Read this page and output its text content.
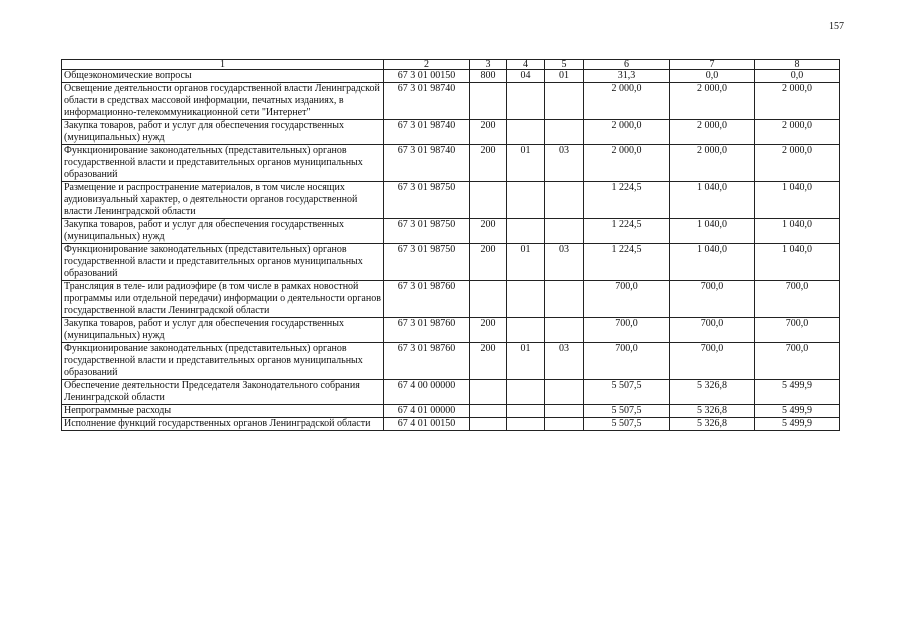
157
1	2	3	4	5	6	7	8
Общеэкономические вопросы	67 3 01 00150	800	04	01	31,3	0,0	0,0
Освещение деятельности органов государственной власти Ленинградской области в средствах массовой информации, печатных изданиях, в информационно-телекоммуникационной сети "Интернет"	67 3 01 98740				2 000,0	2 000,0	2 000,0
Закупка товаров, работ и услуг для обеспечения государственных (муниципальных) нужд	67 3 01 98740	200			2 000,0	2 000,0	2 000,0
Функционирование законодательных (представительных) органов государственной власти и представительных органов муниципальных образований	67 3 01 98740	200	01	03	2 000,0	2 000,0	2 000,0
Размещение и распространение материалов, в том числе носящих аудиовизуальный характер, о деятельности органов государственной власти Ленинградской области	67 3 01 98750				1 224,5	1 040,0	1 040,0
Закупка товаров, работ и услуг для обеспечения государственных (муниципальных) нужд	67 3 01 98750	200			1 224,5	1 040,0	1 040,0
Функционирование законодательных (представительных) органов государственной власти и представительных органов муниципальных образований	67 3 01 98750	200	01	03	1 224,5	1 040,0	1 040,0
Трансляция в теле- или радиоэфире (в том числе в рамках новостной программы или отдельной передачи) информации о деятельности органов государственной власти Ленинградской области	67 3 01 98760				700,0	700,0	700,0
Закупка товаров, работ и услуг для обеспечения государственных (муниципальных) нужд	67 3 01 98760	200			700,0	700,0	700,0
Функционирование законодательных (представительных) органов государственной власти и представительных органов муниципальных образований	67 3 01 98760	200	01	03	700,0	700,0	700,0
Обеспечение деятельности Председателя Законодательного собрания Ленинградской области	67 4 00 00000				5 507,5	5 326,8	5 499,9
Непрограммные расходы	67 4 01 00000				5 507,5	5 326,8	5 499,9
Исполнение функций государственных органов Ленинградской области	67 4 01 00150				5 507,5	5 326,8	5 499,9
